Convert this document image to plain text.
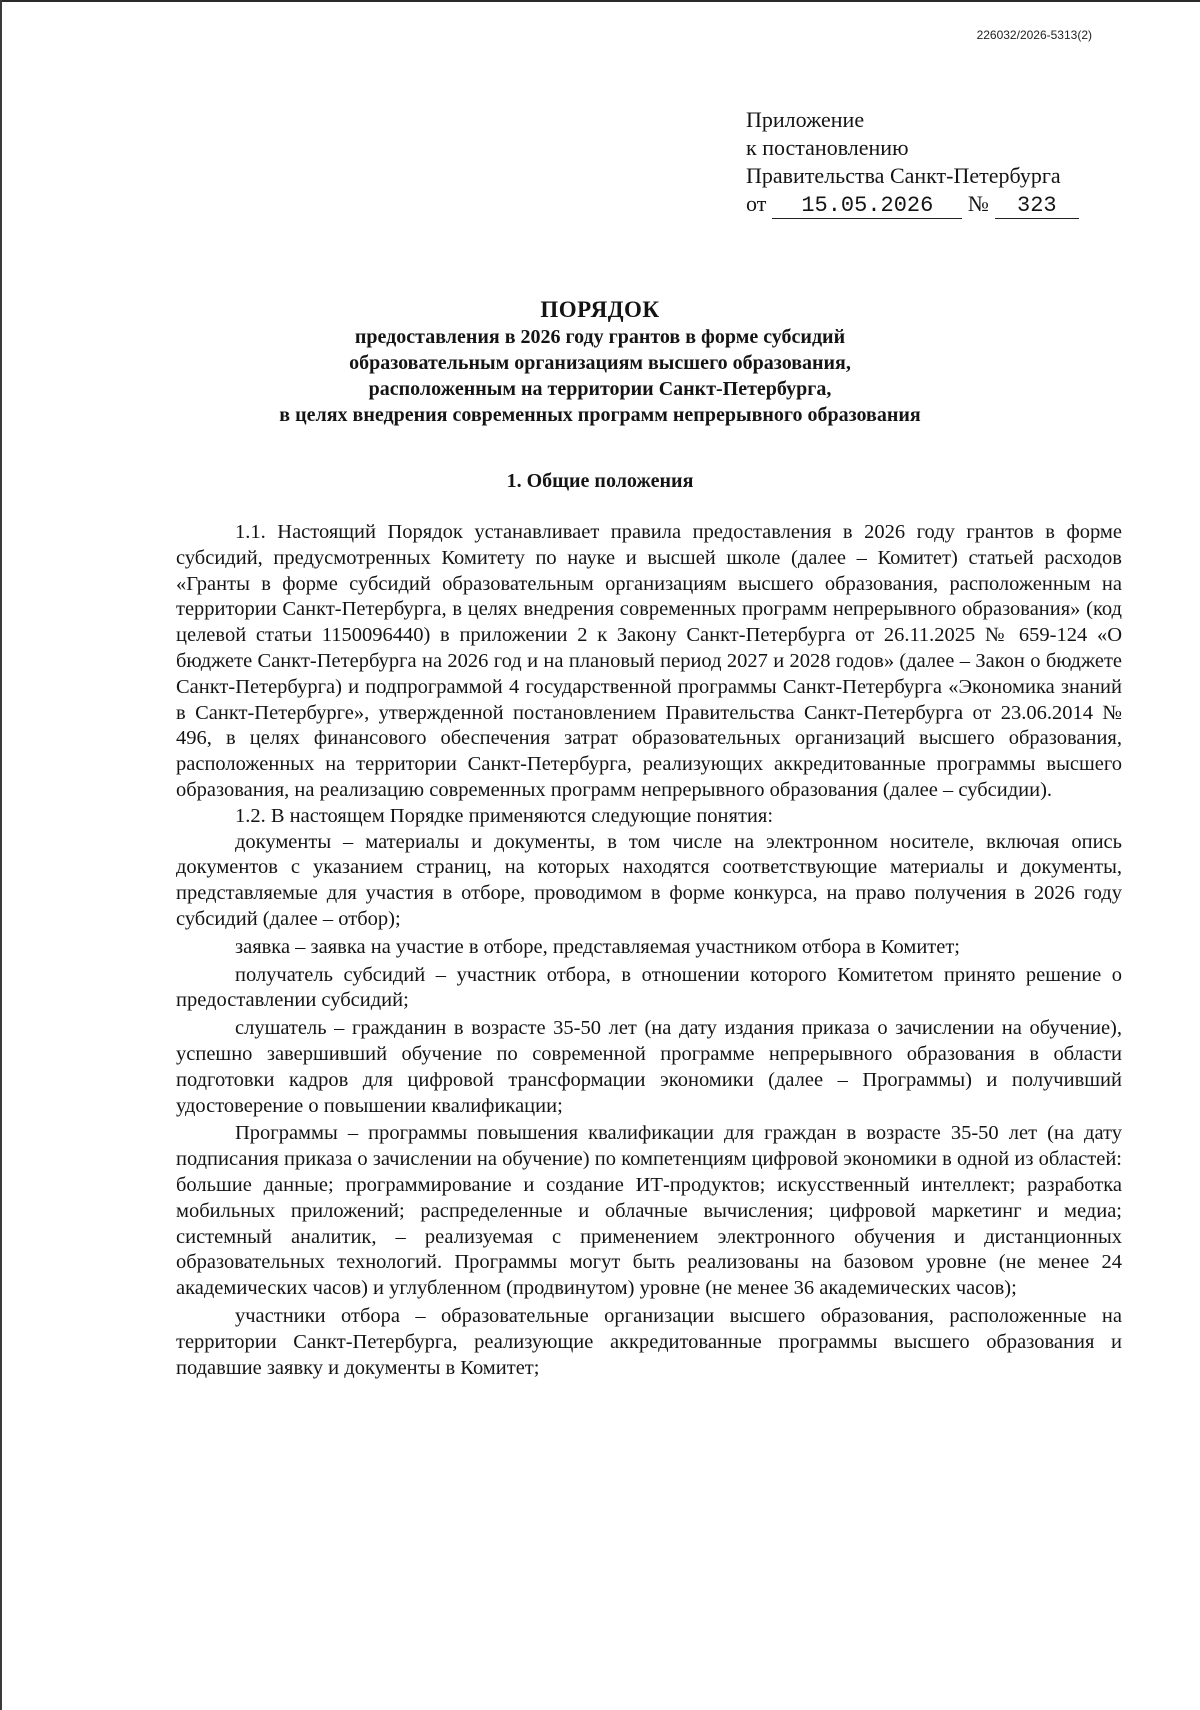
226032/2026-5313(2)
Приложение
к постановлению
Правительства Санкт-Петербурга
от 15.05.2026 № 323
ПОРЯДОК
предоставления в 2026 году грантов в форме субсидий
образовательным организациям высшего образования,
расположенным на территории Санкт-Петербурга,
в целях внедрения современных программ непрерывного образования
1. Общие положения

1.1. Настоящий Порядок устанавливает правила предоставления в 2026 году грантов в форме субсидий, предусмотренных Комитету по науке и высшей школе (далее – Комитет) статьей расходов «Гранты в форме субсидий образовательным организациям высшего образования, расположенным на территории Санкт-Петербурга, в целях внедрения современных программ непрерывного образования» (код целевой статьи 1150096440) в приложении 2 к Закону Санкт-Петербурга от 26.11.2025 № 659-124 «О бюджете Санкт-Петербурга на 2026 год и на плановый период 2027 и 2028 годов» (далее – Закон о бюджете Санкт-Петербурга) и подпрограммой 4 государственной программы Санкт-Петербурга «Экономика знаний в Санкт-Петербурге», утвержденной постановлением Правительства Санкт-Петербурга от 23.06.2014 № 496, в целях финансового обеспечения затрат образовательных организаций высшего образования, расположенных на территории Санкт-Петербурга, реализующих аккредитованные программы высшего образования, на реализацию современных программ непрерывного образования (далее – субсидии).

1.2. В настоящем Порядке применяются следующие понятия:

документы – материалы и документы, в том числе на электронном носителе, включая опись документов с указанием страниц, на которых находятся соответствующие материалы и документы, представляемые для участия в отборе, проводимом в форме конкурса, на право получения в 2026 году субсидий (далее – отбор);

заявка – заявка на участие в отборе, представляемая участником отбора в Комитет;

получатель субсидий – участник отбора, в отношении которого Комитетом принято решение о предоставлении субсидий;

слушатель – гражданин в возрасте 35-50 лет (на дату издания приказа о зачислении на обучение), успешно завершивший обучение по современной программе непрерывного образования в области подготовки кадров для цифровой трансформации экономики (далее – Программы) и получивший удостоверение о повышении квалификации;

Программы – программы повышения квалификации для граждан в возрасте 35-50 лет (на дату подписания приказа о зачислении на обучение) по компетенциям цифровой экономики в одной из областей: большие данные; программирование и создание ИТ-продуктов; искусственный интеллект; разработка мобильных приложений; распределенные и облачные вычисления; цифровой маркетинг и медиа; системный аналитик, – реализуемая с применением электронного обучения и дистанционных образовательных технологий. Программы могут быть реализованы на базовом уровне (не менее 24 академических часов) и углубленном (продвинутом) уровне (не менее 36 академических часов);

участники отбора – образовательные организации высшего образования, расположенные на территории Санкт-Петербурга, реализующие аккредитованные программы высшего образования и подавшие заявку и документы в Комитет;
